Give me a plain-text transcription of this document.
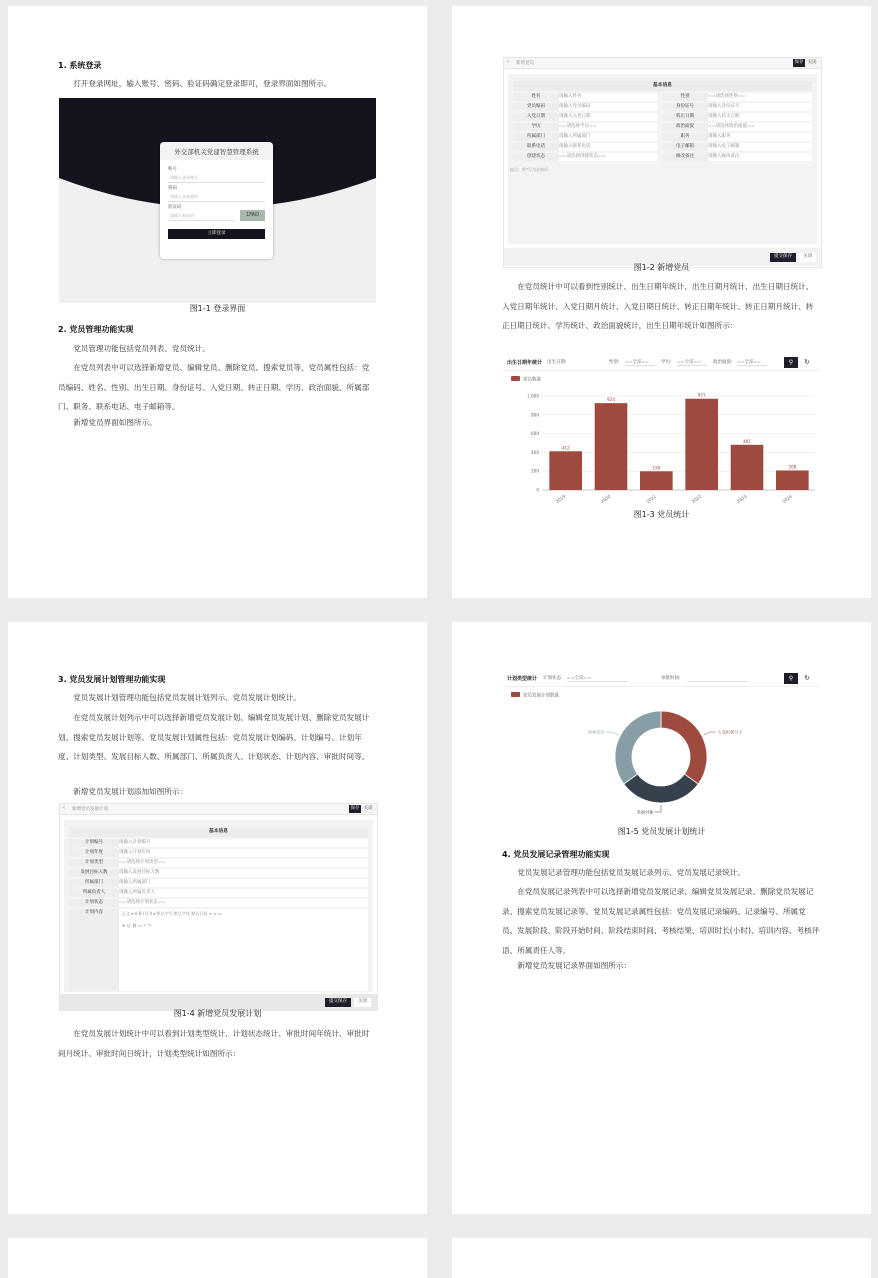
1. 系统登录
打开登录网址，输入账号、密码、验证码确定登录即可，登录界面如图所示。
外交部机关党建智慧管理系统
账号
请输入登录账号
密码
请输入登录密码
验证码
请输入验证码	1FAD
立即登录
图1-1 登录界面
2. 党员管理功能实现
党员管理功能包括党员列表、党员统计。
在党员列表中可以选择新增党员、编辑党员、删除党员、搜索党员等，党员属性包括：党员编码、姓名、性别、出生日期、身份证号、入党日期、转正日期、学历、政治面貌、所属部门、职务、联系电话、电子邮箱等。
新增党员界面如图所示。
‹ 新增党员	保存 关闭
基本信息
姓名	请输入姓名	性别	==请选择性别==
党员编码	请输入党员编码	身份证号	请输入身份证号
入党日期	请输入入党日期	转正日期	请输入转正日期
学历	==请选择学历==	政治面貌	==请选择政治面貌==
所属部门	请输入所属部门	职务	请输入职务
联系电话	请输入联系电话	电子邮箱	请输入电子邮箱
创建状态	==请选择创建状态==	修改备注	请输入修改备注
提示：带*号为必填项
提交保存	关闭
图1-2 新增党员
在党员统计中可以看到性别统计、出生日期年统计、出生日期月统计、出生日期日统计、入党日期年统计、入党日期月统计、入党日期日统计、转正日期年统计、转正日期月统计、转正日期日统计、学历统计、政治面貌统计，出生日期年统计如图所示：
出生日期年统计 出生日期:	性别: ==全部==	学历: ==全部==	政治面貌: ==全部==	⚲	↻
党员数量
0
200
400
600
800
1,000
412
2019
924
2020
199
2021
971
2022
481
2023
208
2024
图1-3 党员统计
3. 党员发展计划管理功能实现
党员发展计划管理功能包括党员发展计划列示、党员发展计划统计。
在党员发展计划列示中可以选择新增党员发展计划、编辑党员发展计划、删除党员发展计划、搜索党员发展计划等。党员发展计划属性包括：党员发展计划编码、计划编号、计划年度、计划类型、发展目标人数、所属部门、所属负责人、计划状态、计划内容、审批时间等。
新增党员发展计划添加如图所示：
‹ 新增党员发展计划	保存 关闭
基本信息
计划编号	请输入计划编号
计划年度	请输入计划年度
计划类型	==请选择计划类型==
发展目标人数	请输入发展目标人数
所属部门	请输入所属部门
所属负责人	请输入所属负责人
计划状态	==请选择计划状态==
计划内容	正文 ▾ H B I U A ▾ 默认字号 默认字体 默认行高 ≡ ≡ ≡
⊞ ☺ ⛓ ▭ ↶ ↷
提交保存	关闭
图1-4 新增党员发展计划
在党员发展计划统计中可以看到计划类型统计、计划状态统计、审批时间年统计、审批时间月统计、审批时间日统计，计划类型统计如图所示：
计划类型统计 计划状态: ==全部==	审批时间:	⚲	↻
党员发展计划数量
入党积极分子
发展对象
预备党员
图1-5 党员发展计划统计
4. 党员发展记录管理功能实现
党员发展记录管理功能包括党员发展记录列示、党员发展记录统计。
在党员发展记录列表中可以选择新增党员发展记录、编辑党员发展记录、删除党员发展记录、搜索党员发展记录等。党员发展记录属性包括：党员发展记录编码、记录编号、所属党员、发展阶段、阶段开始时间、阶段结束时间、考核结果、培训时长(小时)、培训内容、考核评语、所属责任人等。
新增党员发展记录界面如图所示：
